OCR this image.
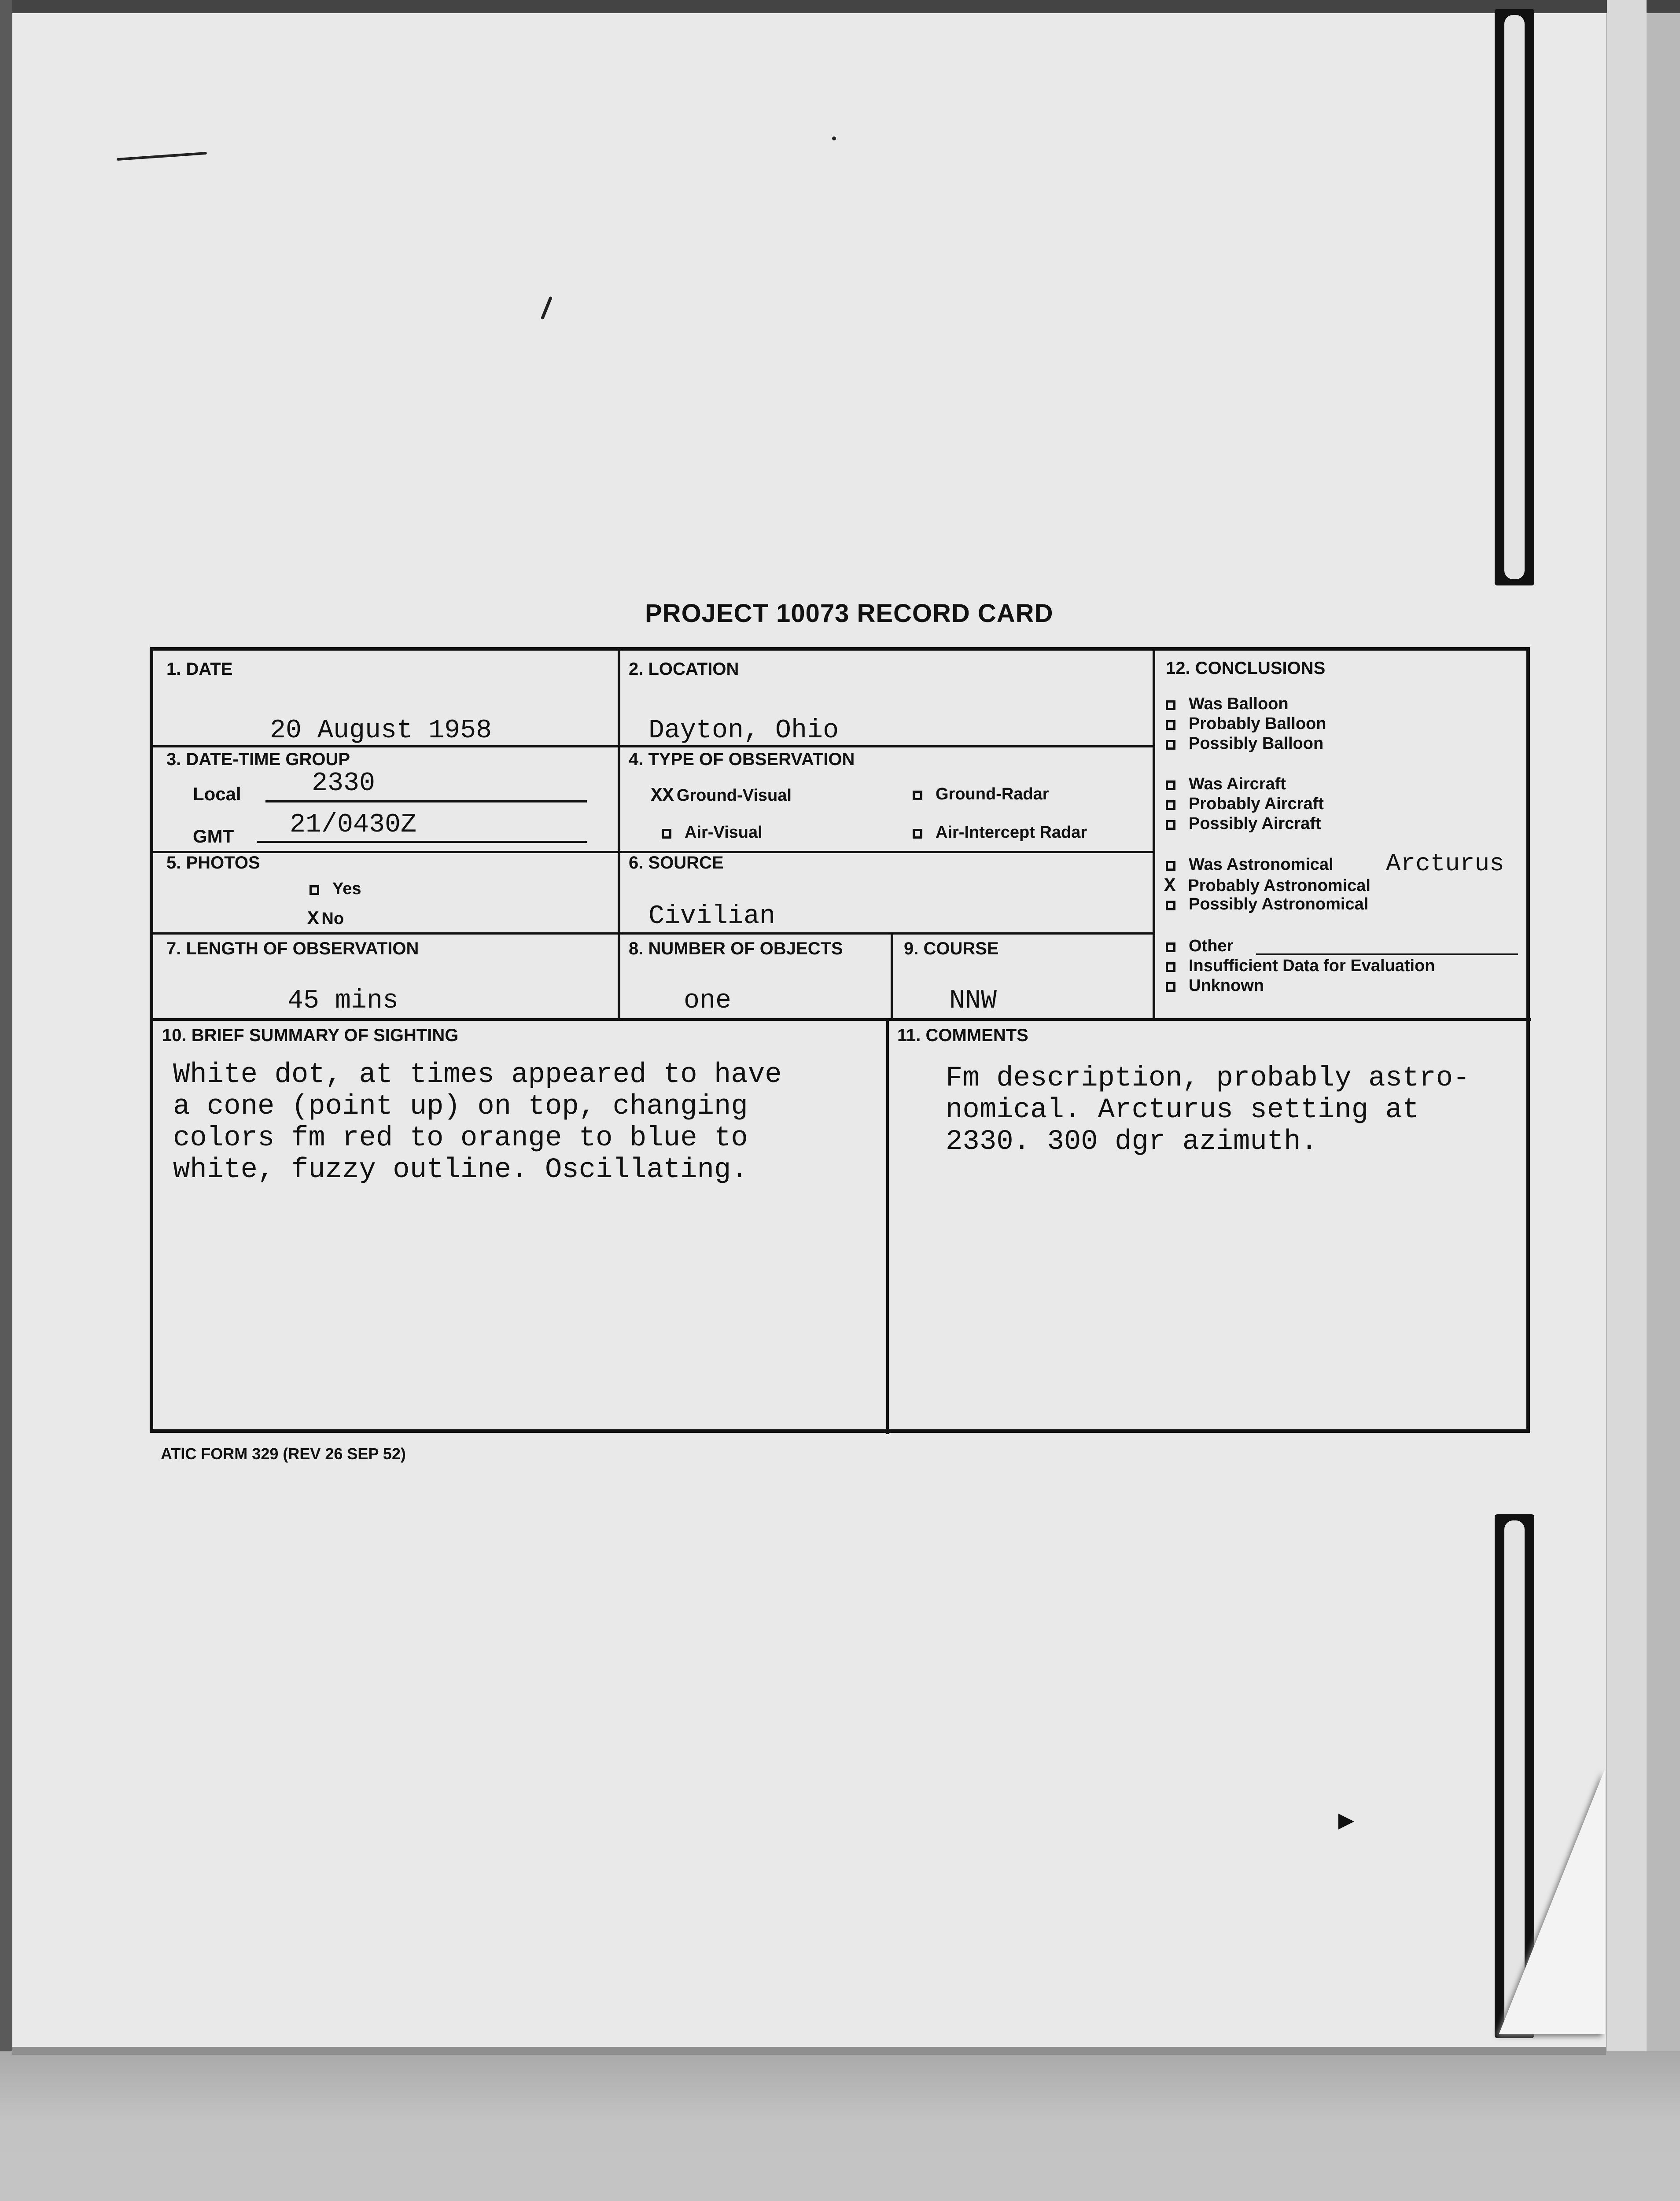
PROJECT 10073 RECORD CARD
1. DATE
20 August 1958
2. LOCATION
Dayton, Ohio
3. DATE-TIME GROUP
Local	2330
GMT 21/0430Z
4. TYPE OF OBSERVATION
XX Ground-Visual	Ground-Radar
Air-Visual	Air-Intercept Radar
5. PHOTOS
Yes
X No
6. SOURCE
Civilian
7. LENGTH OF OBSERVATION
45 mins
8. NUMBER OF OBJECTS
one
9. COURSE
NNW
10. BRIEF SUMMARY OF SIGHTING
White dot, at times appeared to have
a cone (point up) on top, changing
colors fm red to orange to blue to
white, fuzzy outline. Oscillating.
11. COMMENTS
Fm description, probably astro-
nomical. Arcturus setting at
2330. 300 dgr azimuth.
12. CONCLUSIONS
Was Balloon
Probably Balloon
Possibly Balloon
Was Aircraft
Probably Aircraft
Possibly Aircraft
Was Astronomical Arcturus
X Probably Astronomical
Possibly Astronomical
Other
Insufficient Data for Evaluation
Unknown
ATIC FORM 329 (REV 26 SEP 52)
